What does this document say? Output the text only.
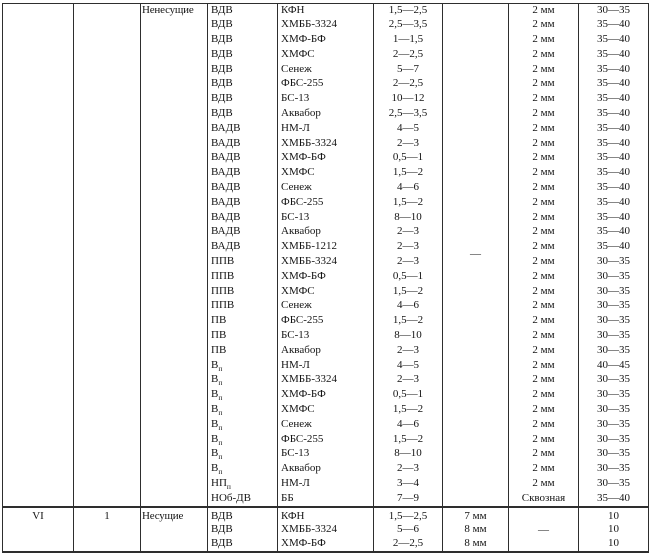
		Ненесущие	ВДВ	КФН	1,5—2,5	—	2 мм	30—35
			ВДВ	ХМББ-3324	2,5—3,5		2 мм	35—40
			ВДВ	ХМФ-БФ	1—1,5		2 мм	35—40
			ВДВ	ХМФС	2—2,5		2 мм	35—40
			ВДВ	Сенеж	5—7		2 мм	35—40
			ВДВ	ФБС-255	2—2,5		2 мм	35—40
			ВДВ	БС-13	10—12		2 мм	35—40
			ВДВ	Аквабор	2,5—3,5		2 мм	35—40
			ВАДВ	НМ-Л	4—5		2 мм	35—40
			ВАДВ	ХМББ-3324	2—3		2 мм	35—40
			ВАДВ	ХМФ-БФ	0,5—1		2 мм	35—40
			ВАДВ	ХМФС	1,5—2		2 мм	35—40
			ВАДВ	Сенеж	4—6		2 мм	35—40
			ВАДВ	ФБС-255	1,5—2		2 мм	35—40
			ВАДВ	БС-13	8—10		2 мм	35—40
			ВАДВ	Аквабор	2—3		2 мм	35—40
			ВАДВ	ХМББ-1212	2—3		2 мм	35—40
			ППВ	ХМББ-3324	2—3		2 мм	30—35
			ППВ	ХМФ-БФ	0,5—1		2 мм	30—35
			ППВ	ХМФС	1,5—2		2 мм	30—35
			ППВ	Сенеж	4—6		2 мм	30—35
			ПВ	ФБС-255	1,5—2		2 мм	30—35
			ПВ	БС-13	8—10		2 мм	30—35
			ПВ	Аквабор	2—3		2 мм	30—35
			$В_п$	НМ-Л	4—5		2 мм	40—45
			$В_п$	ХМББ-3324	2—3		2 мм	30—35
			$В_п$	ХМФ-БФ	0,5—1		2 мм	30—35
			$В_п$	ХМФС	1,5—2		2 мм	30—35
			$В_п$	Сенеж	4—6		2 мм	30—35
			$В_п$	ФБС-255	1,5—2		2 мм	30—35
			$В_п$	БС-13	8—10		2 мм	30—35
			$В_п$	Аквабор	2—3		2 мм	30—35
			$НП_п$	НМ-Л	3—4		2 мм	30—35
			НОб-ДВ	ББ	7—9		Сквозная	35—40
VI	1	Несущие	ВДВ	КФН	1,5—2,5	7 мм	—	10
			ВДВ	ХМББ-3324	5—6	8 мм		10
			ВДВ	ХМФ-БФ	2—2,5	8 мм		10
